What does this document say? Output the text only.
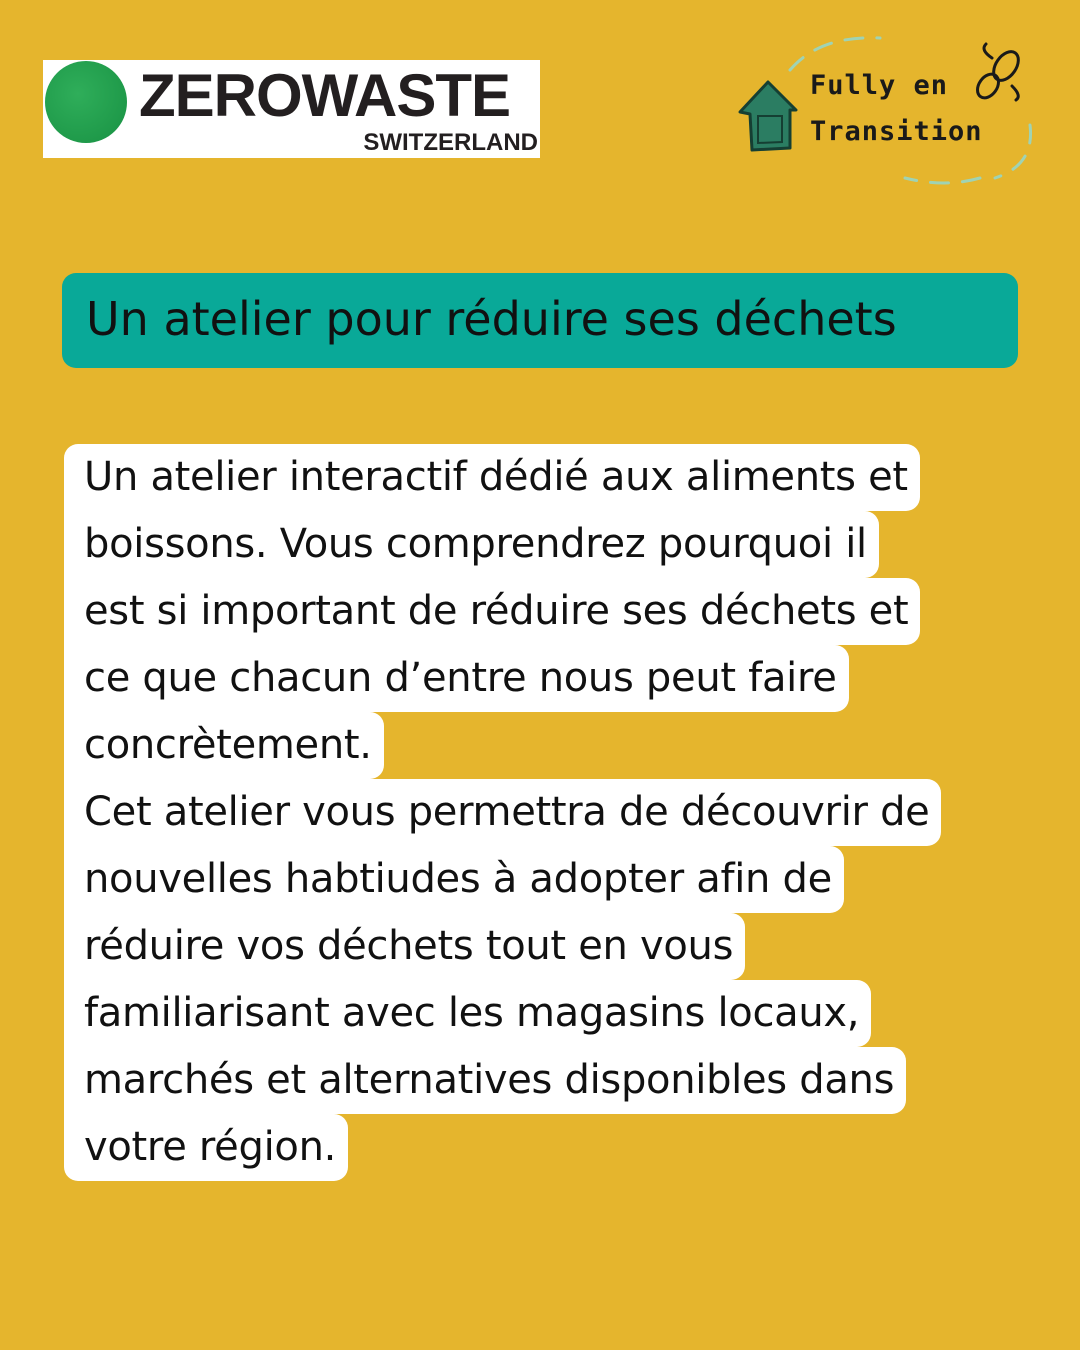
ZEROWASTE
SWITZERLAND
Fully en
Transition
Un atelier pour réduire ses déchets
Un atelier interactif dédié aux aliments et
boissons. Vous comprendrez pourquoi il
est si important de réduire ses déchets et
ce que chacun d’entre nous peut faire
concrètement.
Cet atelier vous permettra de découvrir de
nouvelles habtiudes à adopter afin de
réduire vos déchets tout en vous
familiarisant avec les magasins locaux,
marchés et alternatives disponibles dans
votre région.
